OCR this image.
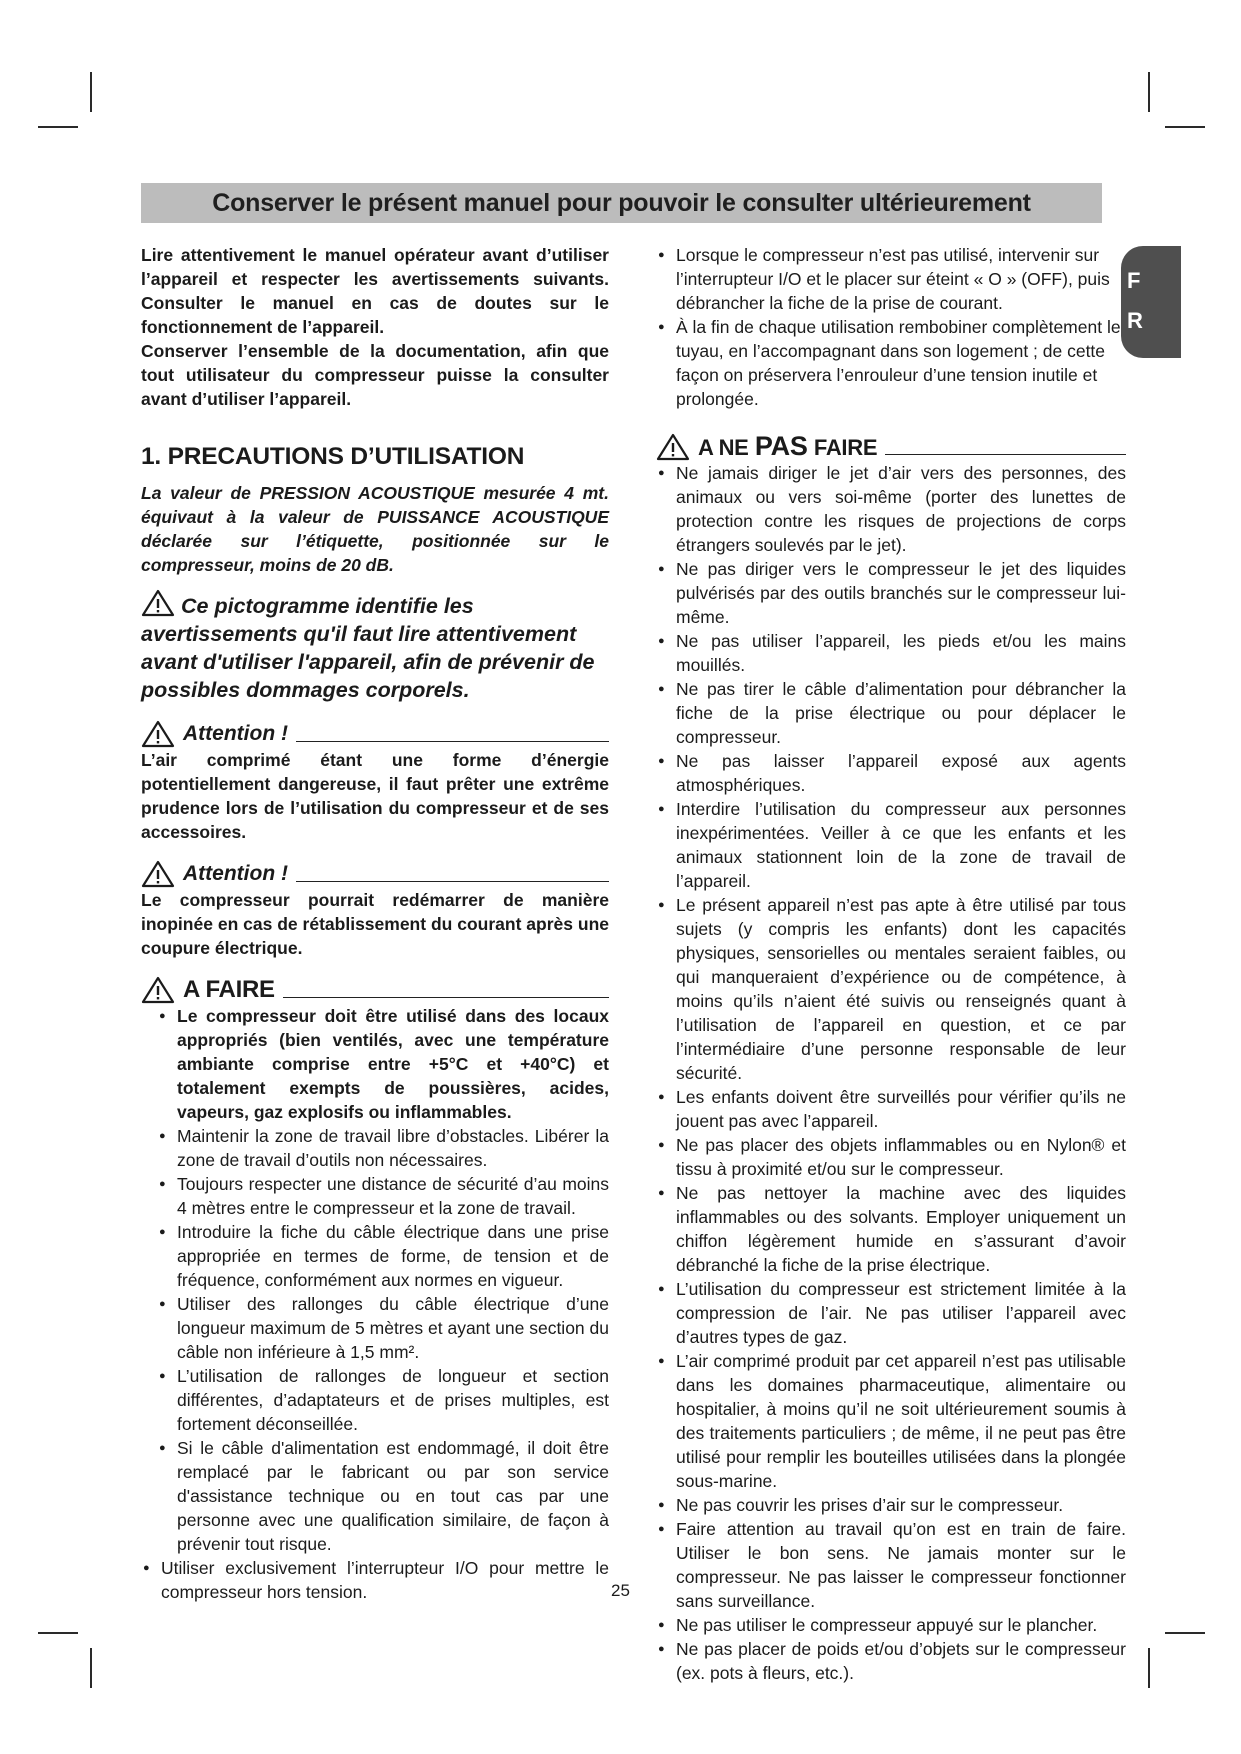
Conserver le présent manuel pour pouvoir le consulter ultérieurement
F
R

Lire attentivement le manuel opérateur avant d’utiliser l’appareil et respecter les avertissements suivants. Consulter le manuel en cas de doutes sur le fonctionnement de l’appareil.

Conserver l’ensemble de la documentation, afin que tout utilisateur du compresseur puisse la consulter avant d’utiliser l’appareil.

1. PRECAUTIONS D’UTILISATION

La valeur de PRESSION ACOUSTIQUE mesurée 4 mt. équivaut à la valeur de PUISSANCE ACOUSTIQUE déclarée sur l’étiquette, positionnée sur le compresseur, moins de 20 dB.

Ce pictogramme identifie les avertissements qu'il faut lire attentivement avant d'utiliser l'appareil, afin de prévenir de possibles dommages corporels.

Attention !

L’air comprimé étant une forme d’énergie potentiellement dangereuse, il faut prêter une extrême prudence lors de l’utilisation du compresseur et de ses accessoires.

Attention !

Le compresseur pourrait redémarrer de manière inopinée en cas de rétablissement du courant après une coupure électrique.

A FAIRE
● Le compresseur doit être utilisé dans des locaux appropriés (bien ventilés, avec une température ambiante comprise entre +5°C et +40°C) et totalement exempts de poussières, acides, vapeurs, gaz explosifs ou inflammables.
● Maintenir la zone de travail libre d’obstacles. Libérer la zone de travail d’outils non nécessaires.
● Toujours respecter une distance de sécurité d’au moins 4 mètres entre le compresseur et la zone de travail.
● Introduire la fiche du câble électrique dans une prise appropriée en termes de forme, de tension et de fréquence, conformément aux normes en vigueur.
● Utiliser des rallonges du câble électrique d’une longueur maximum de 5 mètres et ayant une section du câble non inférieure à 1,5 mm².
● L’utilisation de rallonges de longueur et section différentes, d’adaptateurs et de prises multiples, est fortement déconseillée.
● Si le câble d'alimentation est endommagé, il doit être remplacé par le fabricant ou par son service d'assistance technique ou en tout cas par une personne avec une qualification similaire, de façon à prévenir tout risque.
● Utiliser exclusivement l’interrupteur I/O pour mettre le compresseur hors tension.
● Lorsque le compresseur n’est pas utilisé, intervenir sur l’interrupteur I/O et le placer sur éteint « O » (OFF), puis débrancher la fiche de la prise de courant.
● À la fin de chaque utilisation rembobiner complètement le tuyau, en l’accompagnant dans son logement ; de cette façon on préservera l’enrouleur d’une tension inutile et prolongée.
A NE PAS FAIRE
● Ne jamais diriger le jet d’air vers des personnes, des animaux ou vers soi-même (porter des lunettes de protection contre les risques de projections de corps étrangers soulevés par le jet).
● Ne pas diriger vers le compresseur le jet des liquides pulvérisés par des outils branchés sur le compresseur lui-même.
● Ne pas utiliser l’appareil, les pieds et/ou les mains mouillés.
● Ne pas tirer le câble d’alimentation pour débrancher la fiche de la prise électrique ou pour déplacer le compresseur.
● Ne pas laisser l’appareil exposé aux agents atmosphériques.
● Interdire l’utilisation du compresseur aux personnes inexpérimentées. Veiller à ce que les enfants et les animaux stationnent loin de la zone de travail de l’appareil.
● Le présent appareil n’est pas apte à être utilisé par tous sujets (y compris les enfants) dont les capacités physiques, sensorielles ou mentales seraient faibles, ou qui manqueraient d’expérience ou de compétence, à moins qu’ils n’aient été suivis ou renseignés quant à l’utilisation de l’appareil en question, et ce par l’intermédiaire d’une personne responsable de leur sécurité.
● Les enfants doivent être surveillés pour vérifier qu’ils ne jouent pas avec l’appareil.
● Ne pas placer des objets inflammables ou en Nylon® et tissu à proximité et/ou sur le compresseur.
● Ne pas nettoyer la machine avec des liquides inflammables ou des solvants. Employer uniquement un chiffon légèrement humide en s’assurant d’avoir débranché la fiche de la prise électrique.
● L’utilisation du compresseur est strictement limitée à la compression de l’air. Ne pas utiliser l’appareil avec d’autres types de gaz.
● L’air comprimé produit par cet appareil n’est pas utilisable dans les domaines pharmaceutique, alimentaire ou hospitalier, à moins qu’il ne soit ultérieurement soumis à des traitements particuliers ; de même, il ne peut pas être utilisé pour remplir les bouteilles utilisées dans la plongée sous-marine.
● Ne pas couvrir les prises d’air sur le compresseur.
● Faire attention au travail qu’on est en train de faire. Utiliser le bon sens. Ne jamais monter sur le compresseur. Ne pas laisser le compresseur fonctionner sans surveillance.
● Ne pas utiliser le compresseur appuyé sur le plancher.
● Ne pas placer de poids et/ou d’objets sur le compresseur (ex. pots à fleurs, etc.).
25
